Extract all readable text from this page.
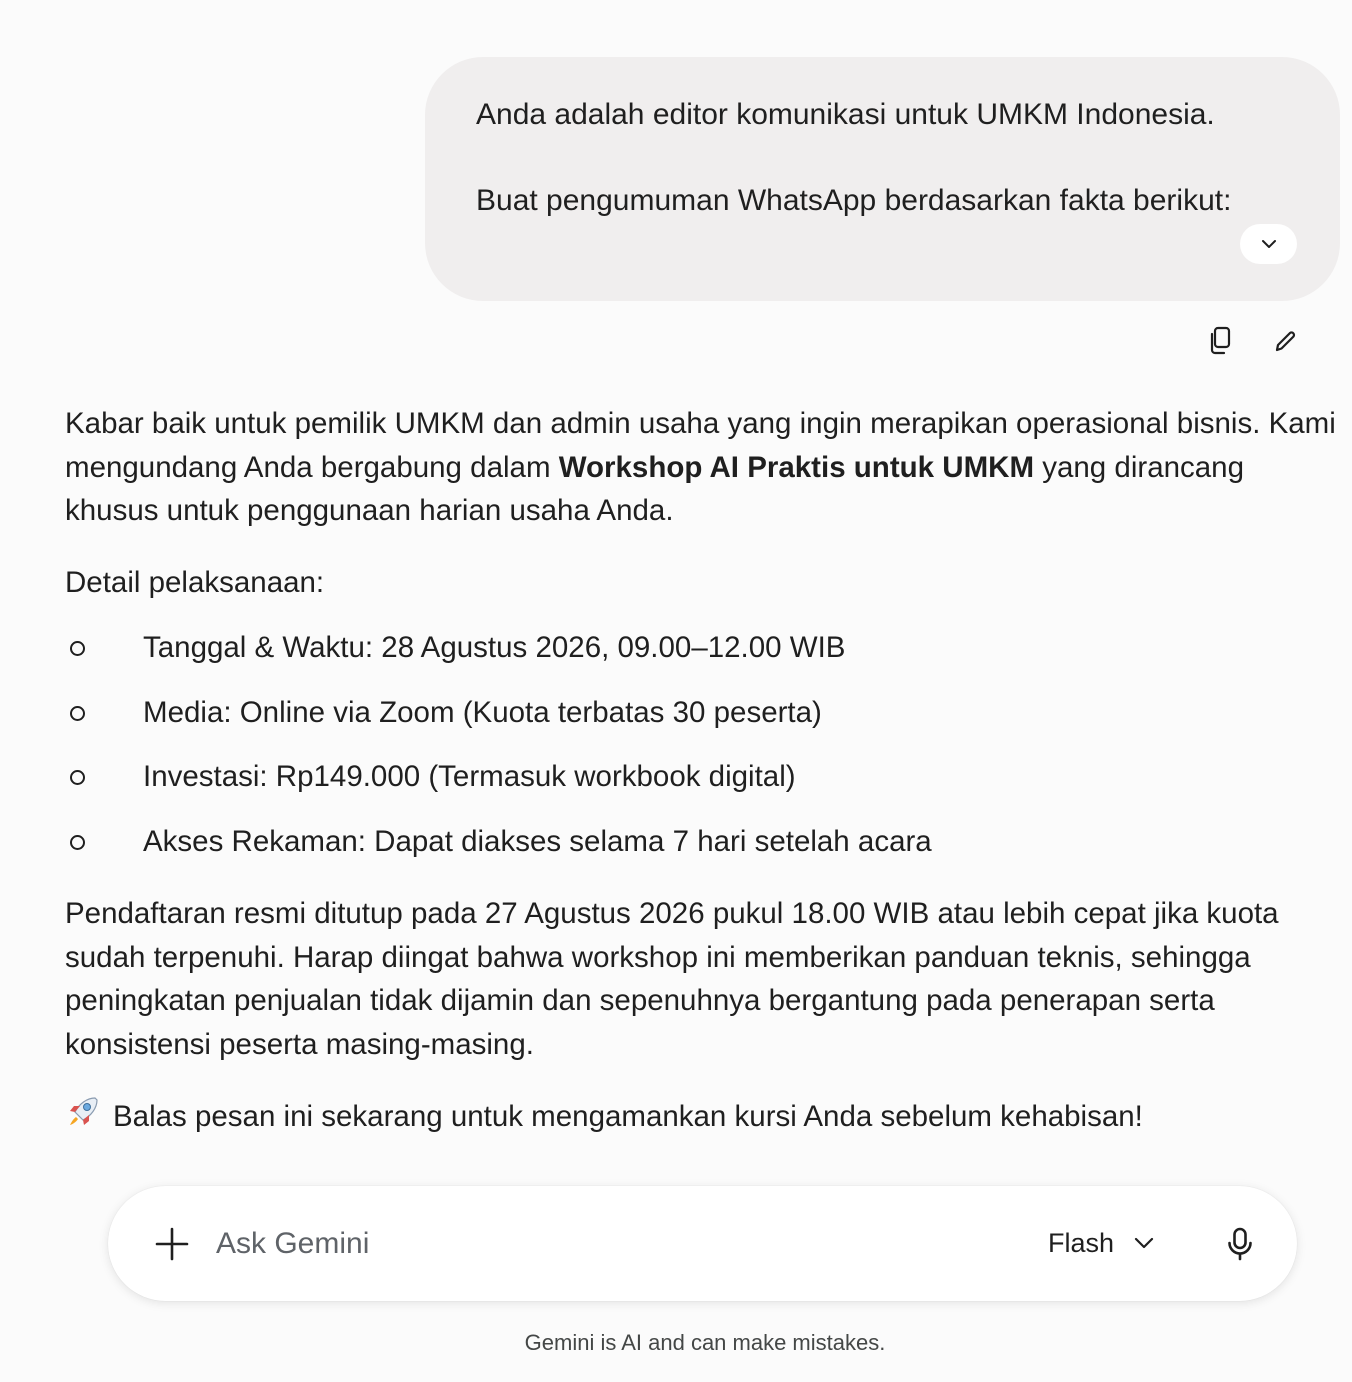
Anda adalah editor komunikasi untuk UMKM Indonesia.

Buat pengumuman WhatsApp berdasarkan fakta berikut:

Kabar baik untuk pemilik UMKM dan admin usaha yang ingin merapikan operasional bisnis. Kami mengundang Anda bergabung dalam Workshop AI Praktis untuk UMKM yang dirancang khusus untuk penggunaan harian usaha Anda.

Detail pelaksanaan:

Tanggal & Waktu: 28 Agustus 2026, 09.00–12.00 WIB
Media: Online via Zoom (Kuota terbatas 30 peserta)
Investasi: Rp149.000 (Termasuk workbook digital)
Akses Rekaman: Dapat diakses selama 7 hari setelah acara

Pendaftaran resmi ditutup pada 27 Agustus 2026 pukul 18.00 WIB atau lebih cepat jika kuota sudah terpenuhi. Harap diingat bahwa workshop ini memberikan panduan teknis, sehingga peningkatan penjualan tidak dijamin dan sepenuhnya bergantung pada penerapan serta konsistensi peserta masing-masing.

Balas pesan ini sekarang untuk mengamankan kursi Anda sebelum kehabisan!

Ask Gemini
Flash
Gemini is AI and can make mistakes.
